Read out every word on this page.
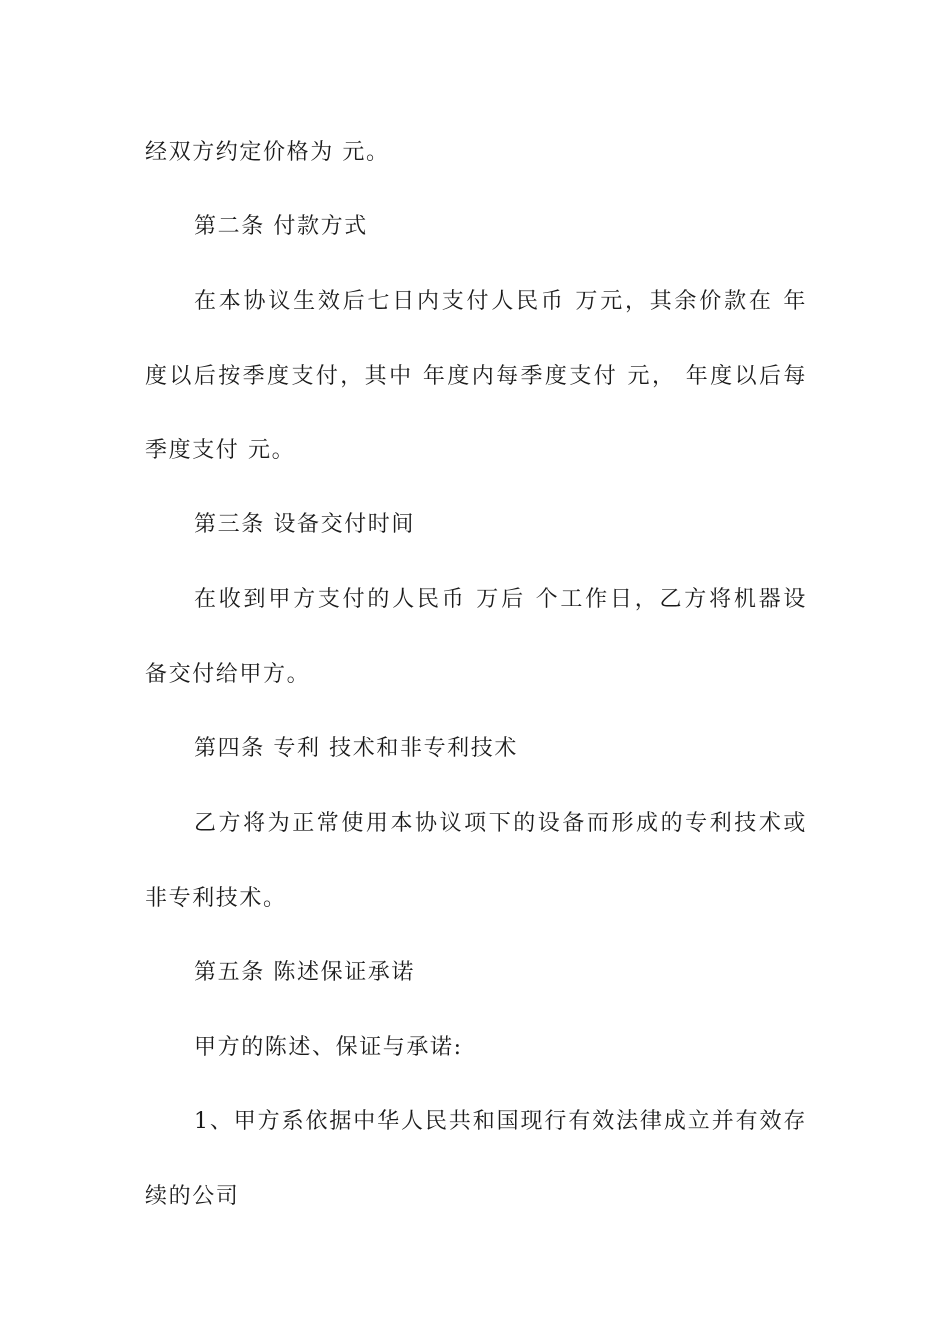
经双方约定价格为 元。
第二条 付款方式
在本协议生效后七日内支付人民币 万元，其余价款在 年
度以后按季度支付，其中 年度内每季度支付 元， 年度以后每
季度支付 元。
第三条 设备交付时间
在收到甲方支付的人民币 万后 个工作日，乙方将机器设
备交付给甲方。
第四条 专利 技术和非专利技术
乙方将为正常使用本协议项下的设备而形成的专利技术或
非专利技术。
第五条 陈述保证承诺
甲方的陈述、保证与承诺:
1、甲方系依据中华人民共和国现行有效法律成立并有效存
续的公司
